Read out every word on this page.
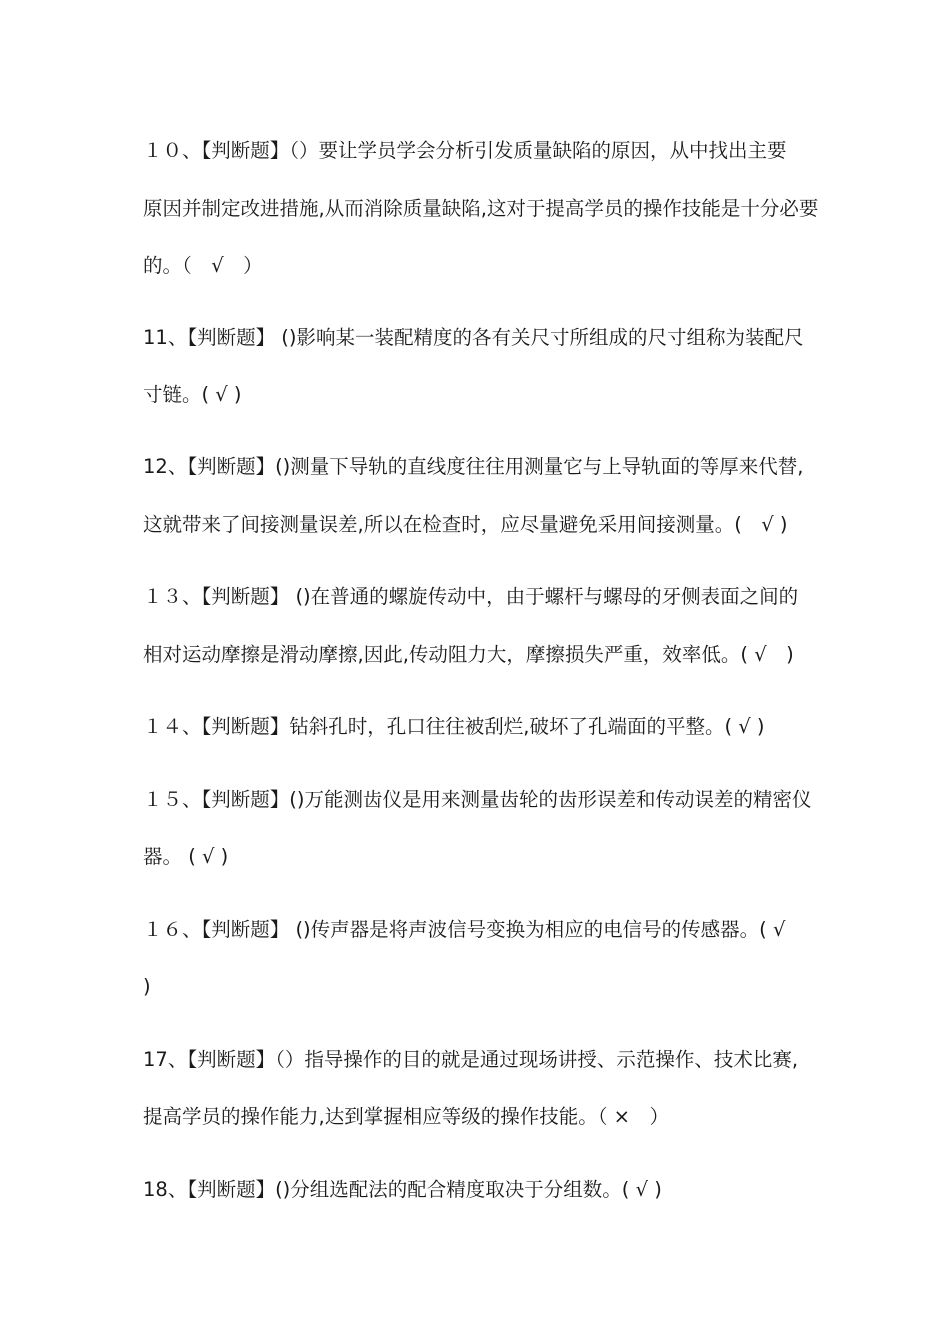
１０、【判断题】（）要让学员学会分析引发质量缺陷的原因，从中找出主要
原因并制定改进措施,从而消除质量缺陷,这对于提高学员的操作技能是十分必要
的。（　√　）
11、【判断题】 ()影响某一装配精度的各有关尺寸所组成的尺寸组称为装配尺
寸链。( √ )
12、【判断题】()测量下导轨的直线度往往用测量它与上导轨面的等厚来代替,
这就带来了间接测量误差,所以在检查时，应尽量避免采用间接测量。(　√ )
１３、【判断题】 ()在普通的螺旋传动中，由于螺杆与螺母的牙侧表面之间的
相对运动摩擦是滑动摩擦,因此,传动阻力大，摩擦损失严重，效率低。( √　)
１４、【判断题】钻斜孔时，孔口往往被刮烂,破坏了孔端面的平整。( √ )
１５、【判断题】()万能测齿仪是用来测量齿轮的齿形误差和传动误差的精密仪
器。 ( √ )
１６、【判断题】 ()传声器是将声波信号变换为相应的电信号的传感器。( √
)
17、【判断题】（）指导操作的目的就是通过现场讲授、示范操作、技术比赛,
提高学员的操作能力,达到掌握相应等级的操作技能。（ ×　）
18、【判断题】()分组选配法的配合精度取决于分组数。( √ )
